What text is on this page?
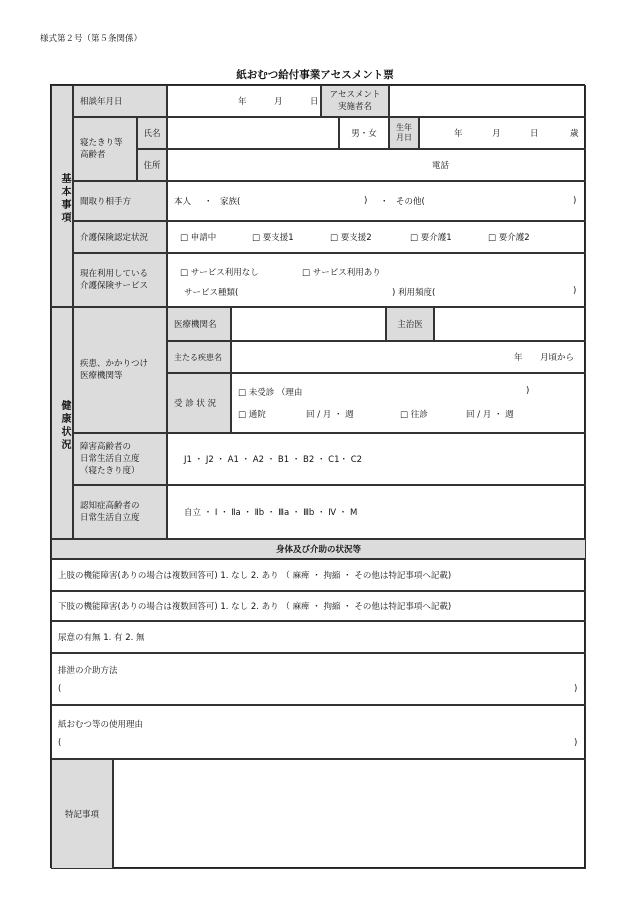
様式第２号（第５条関係）
紙おむつ給付事業アセスメント票
基本事項
相談年月日	年	月	日
アセスメント
実施者名
寝たきり等
高齢者
氏名	男・女
生年
月日	年	月	日	歳
住所	電話
聞取り相手方	本人 ・ 家族(	) ・ その他(	)
介護保険認定状況	□ 申請中	□ 要支援1	□ 要支援2	□ 要介護1	□ 要介護2
現在利用している
介護保険サービス
□ サービス利用なし	□ サービス利用あり
サービス種類(	) 利用頻度(	)
健康状況
疾患、かかりつけ
医療機関等
医療機関名	主治医
主たる疾患名	年 月頃から
受 診 状 況
□ 未受診 （理由	)
□ 通院	回 / 月 ・ 週	□ 往診	回 / 月 ・ 週
障害高齢者の
日常生活自立度
（寝たきり度）
J1 ・ J2 ・ A1 ・ A2 ・ B1 ・ B2 ・ C1・ C2
認知症高齢者の
日常生活自立度	自立 ・ Ⅰ ・ Ⅱa ・ Ⅱb ・ Ⅲa ・ Ⅲb ・ Ⅳ ・ M
身体及び介助の状況等
上肢の機能障害(ありの場合は複数回答可) 1. なし 2. あり （ 麻痺 ・ 拘縮 ・ その他は特記事項へ記載)
下肢の機能障害(ありの場合は複数回答可) 1. なし 2. あり （ 麻痺 ・ 拘縮 ・ その他は特記事項へ記載)
尿意の有無 1. 有 2. 無
排泄の介助方法
(	)
紙おむつ等の使用理由
(	)
特記事項
